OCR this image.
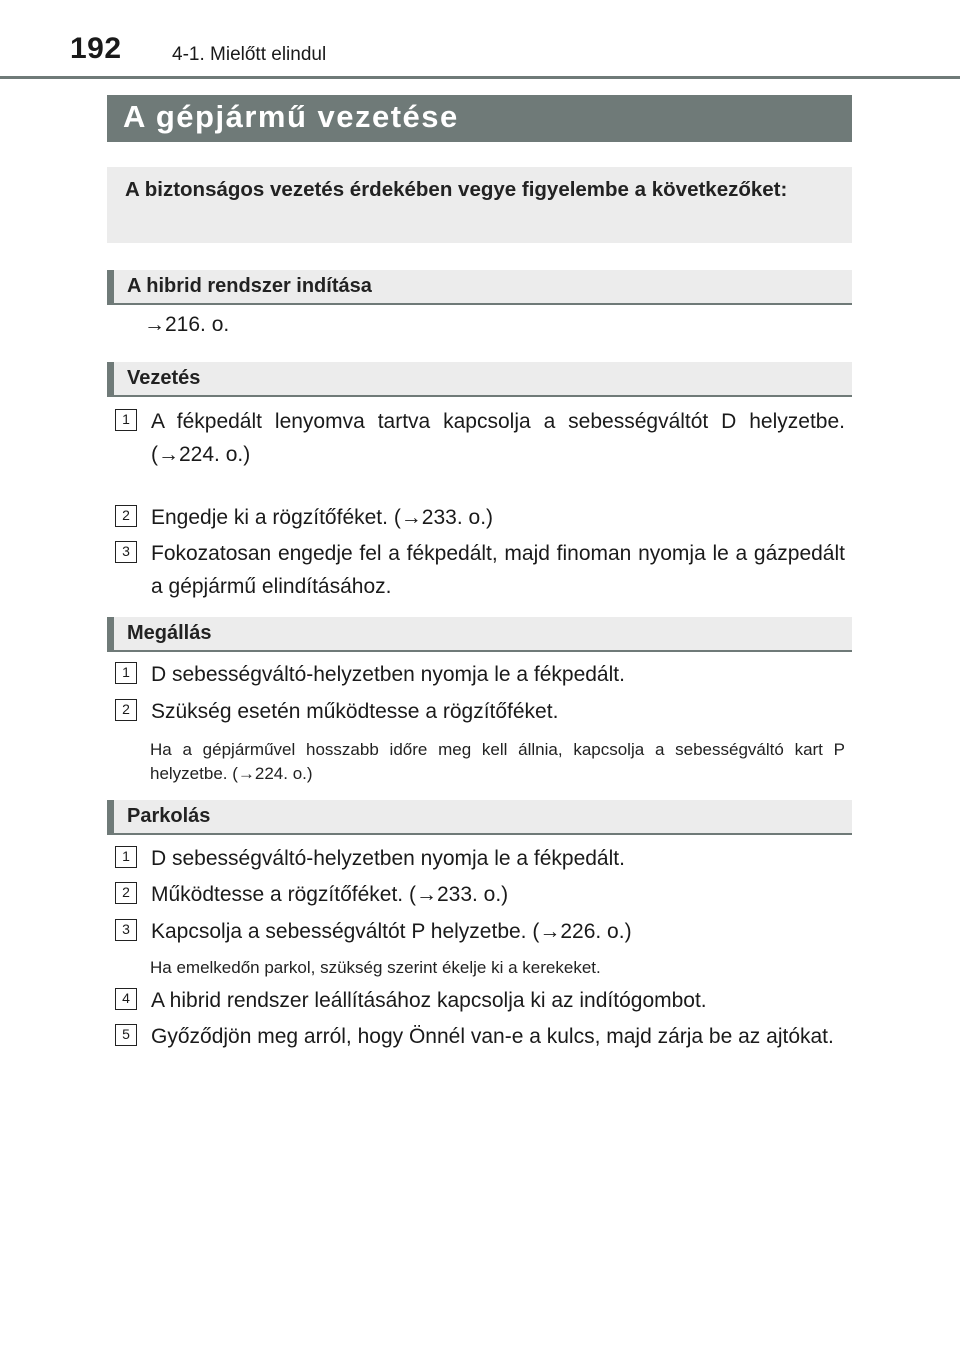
192	4-1. Mielőtt elindul
A gépjármű vezetése
A biztonságos vezetés érdekében vegye figyelembe a következőket:
A hibrid rendszer indítása
→216. o.
Vezetés
1	A fékpedált lenyomva tartva kapcsolja a sebességváltót D helyzetbe. (→224. o.)
2	Engedje ki a rögzítőféket. (→233. o.)
3	Fokozatosan engedje fel a fékpedált, majd finoman nyomja le a gázpedált a gépjármű elindításához.
Megállás
1	D sebességváltó-helyzetben nyomja le a fékpedált.
2	Szükség esetén működtesse a rögzítőféket.
Ha a gépjárművel hosszabb időre meg kell állnia, kapcsolja a sebességváltó kart P helyzetbe. (→224. o.)
Parkolás
1	D sebességváltó-helyzetben nyomja le a fékpedált.
2	Működtesse a rögzítőféket. (→233. o.)
3	Kapcsolja a sebességváltót P helyzetbe. (→226. o.)
Ha emelkedőn parkol, szükség szerint ékelje ki a kerekeket.
4	A hibrid rendszer leállításához kapcsolja ki az indítógombot.
5	Győződjön meg arról, hogy Önnél van-e a kulcs, majd zárja be az ajtókat.
